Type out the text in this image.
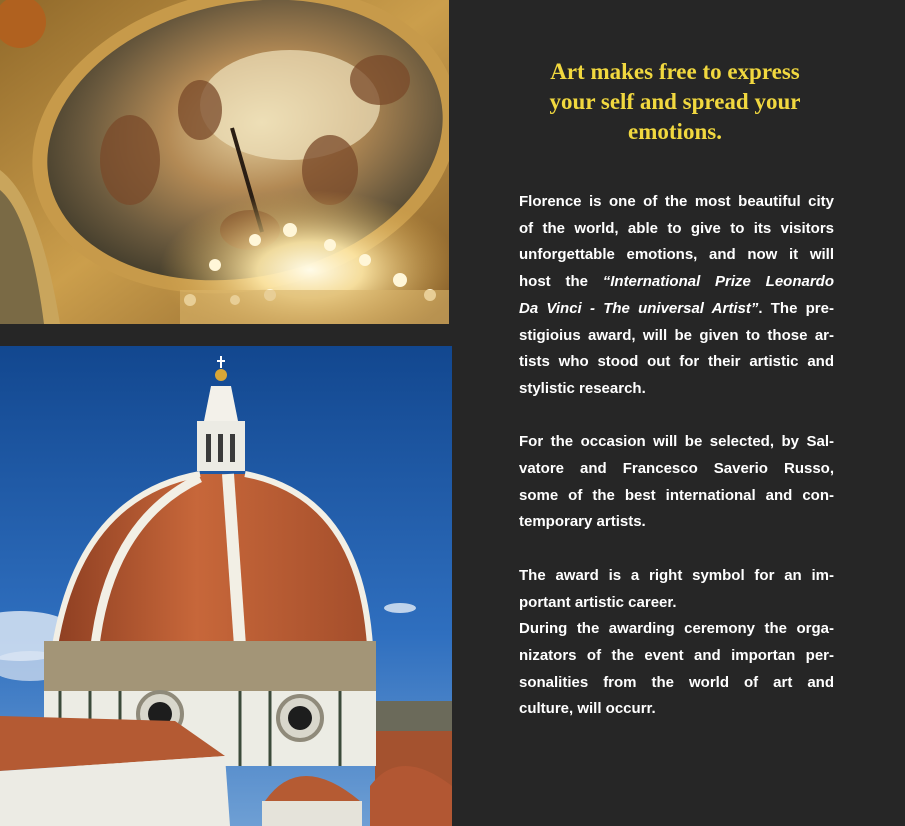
Art makes free to express
your self and spread your
emotions.

Florence is one of the most beautiful city
of the world, able to give to its visitors
unforgettable emotions, and now it will
host the “International Prize Leonardo
Da Vinci - The universal Artist”. The pre-
stigioius award, will be given to those ar-
tists who stood out for their artistic and
stylistic research.

For the occasion will be selected, by Sal-
vatore and Francesco Saverio Russo,
some of the best international and con-
temporary artists.

The award is a right symbol for an im-
portant artistic career.

During the awarding ceremony the orga-
nizators of the event and importan per-
sonalities from the world of art and
culture, will occurr.
